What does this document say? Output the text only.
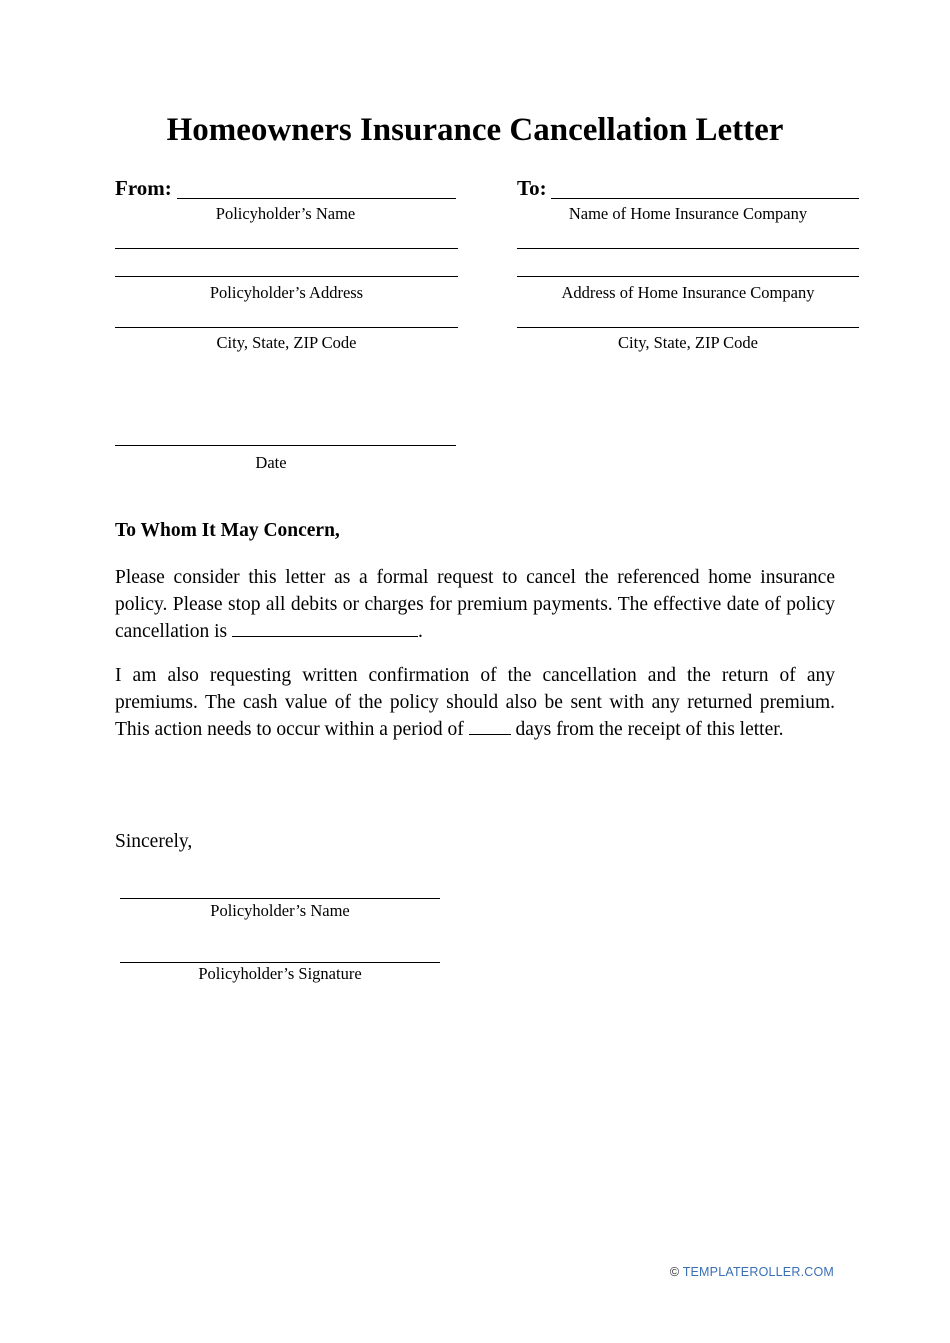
Homeowners Insurance Cancellation Letter
From:
Policyholder’s Name
Policyholder’s Address
City, State, ZIP Code
Date
To:
Name of Home Insurance Company
Address of Home Insurance Company
City, State, ZIP Code
To Whom It May Concern,
Please consider this letter as a formal request to cancel the referenced home insurance policy. Please stop all debits or charges for premium payments. The effective date of policy cancellation is	.
I am also requesting written confirmation of the cancellation and the return of any premiums. The cash value of the policy should also be sent with any returned premium. This action needs to occur within a period of	days from the receipt of this letter.
Sincerely,
Policyholder’s Name
Policyholder’s Signature
© TEMPLATEROLLER.COM
